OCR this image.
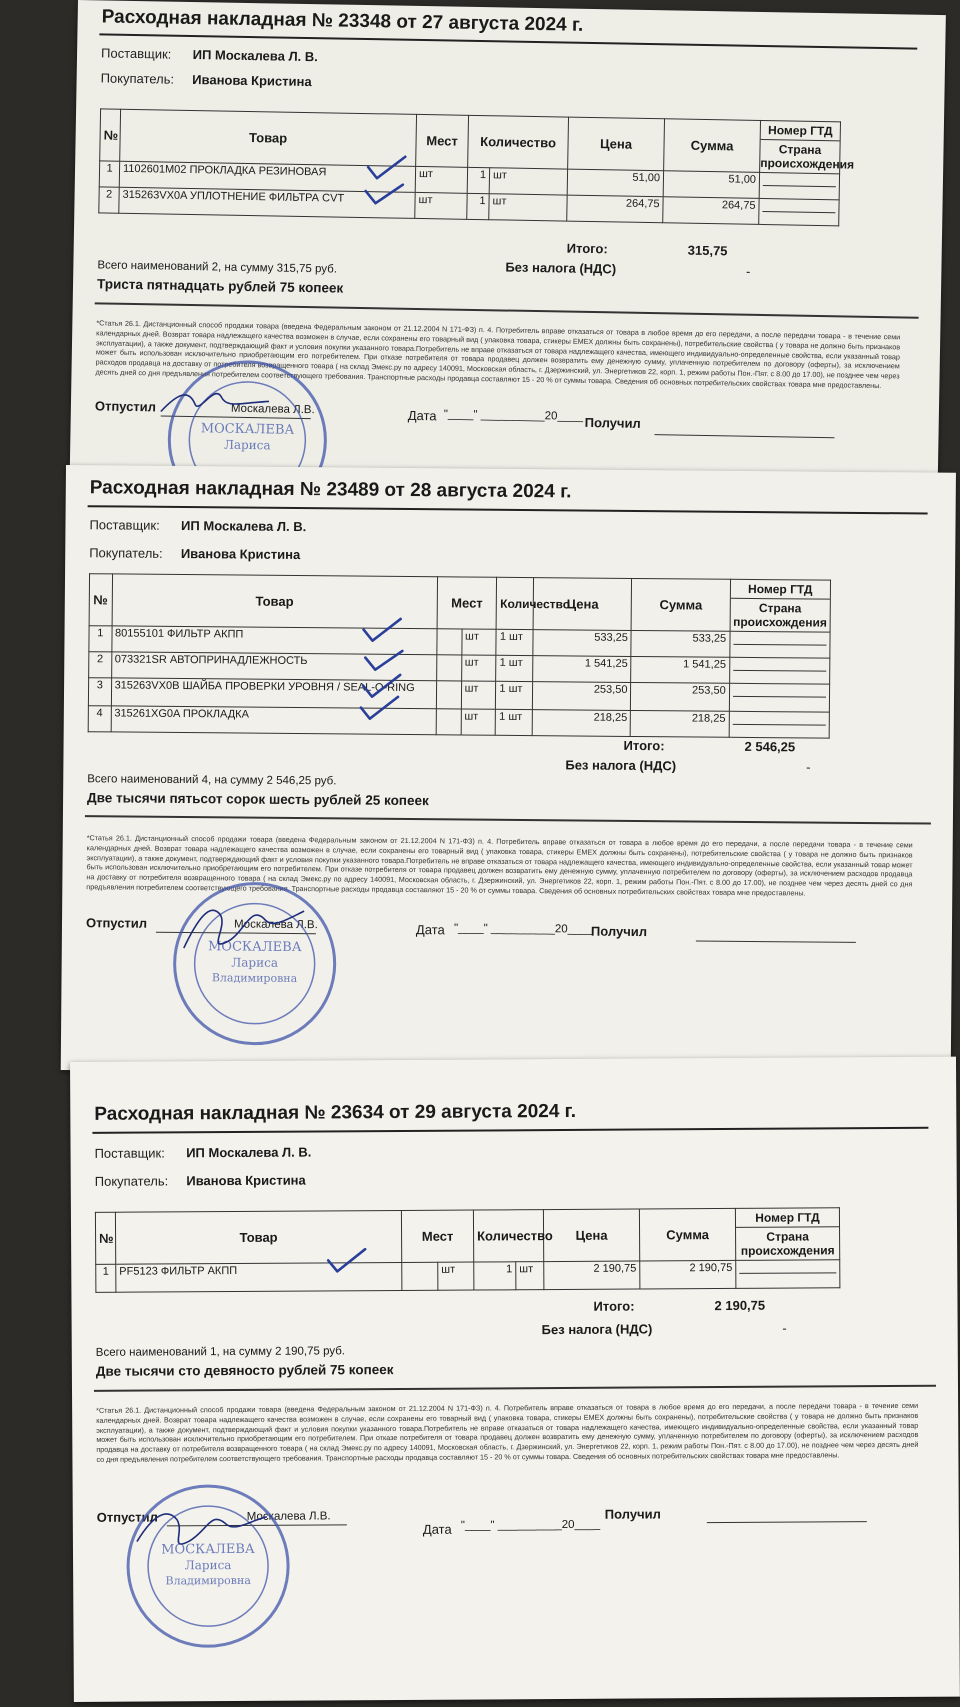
Расходная накладная № 23348 от 27 августа 2024 г.
Поставщик: ИП Москалева Л. В.
Покупатель: Иванова Кристина
№	Товар	Мест	Количество		Цена	Сумма	Номер ГТД
Страна происхождения

1	1102601M02 ПРОКЛАДКА РЕЗИНОВАЯ	шт	1	шт	51,00	51,00	

2	315263VX0A УПЛОТНЕНИЕ ФИЛЬТРА CVT	шт	1	шт	264,75	264,75	
Итого:	315,75
Без налога (НДС)	-
Всего наименований 2, на сумму 315,75 руб.
Триста пятнадцать рублей 75 копеек
*Статья 26.1. Дистанционный способ продажи товара (введена Федеральным законом от 21.12.2004 N 171-ФЗ) п. 4. Потребитель вправе отказаться от товара в любое время до его передачи, а после передачи товара - в течение семи календарных дней. Возврат товара надлежащего качества возможен в случае, если сохранены его товарный вид ( упаковка товара, стикеры EMEX должны быть сохранены), потребительские свойства ( у товара не должно быть признаков эксплуатации), а также документ, подтверждающий факт и условия покупки указанного товара.Потребитель не вправе отказаться от товара надлежащего качества, имеющего индивидуально-определенные свойства, если указанный товар может быть использован исключительно приобретающим его потребителем. При отказе потребителя от товара продавец должен возвратить ему денежную сумму, уплаченную потребителем по договору (оферты), за исключением расходов продавца на доставку от потребителя возвращенного товара ( на склад Эмекс.ру по адресу 140091, Московская область, г. Дзержинский, ул. Энергетиков 22, корп. 1, режим работы Пон.-Пят. с 8.00 до 17.00), не позднее чем через десять дней со дня предъявления потребителем соответствующего требования. Транспортные расходы продавца составляют 15 - 20 % от суммы товара. Сведения об основных потребительских свойствах товара мне предоставлены.
Отпустил	Москалева Л.В.	Дата "____" __________20____ Получил
МОСКАЛЕВА
Лариса
Расходная накладная № 23489 от 28 августа 2024 г.
Поставщик: ИП Москалева Л. В.
Покупатель: Иванова Кристина
№	Товар	Мест		Количество	Цена	Сумма	Номер ГТД
Страна происхождения

1	80155101 ФИЛЬТР АКПП		шт	1 шт	533,25	533,25	

2	073321SR АВТОПРИНАДЛЕЖНОСТЬ		шт	1 шт	1 541,25	1 541,25	

3	315263VX0B ШАЙБА ПРОВЕРКИ УРОВНЯ / SEAL-O-RING		шт	1 шт	253,50	253,50	

4	315261XG0A ПРОКЛАДКА		шт	1 шт	218,25	218,25	
Итого:	2 546,25
Без налога (НДС)	-
Всего наименований 4, на сумму 2 546,25 руб.
Две тысячи пятьсот сорок шесть рублей 25 копеек
*Статья 26.1. Дистанционный способ продажи товара (введена Федеральным законом от 21.12.2004 N 171-ФЗ) п. 4. Потребитель вправе отказаться от товара в любое время до его передачи, а после передачи товара - в течение семи календарных дней. Возврат товара надлежащего качества возможен в случае, если сохранены его товарный вид ( упаковка товара, стикеры EMEX должны быть сохранены), потребительские свойства ( у товара не должно быть признаков эксплуатации), а также документ, подтверждающий факт и условия покупки указанного товара.Потребитель не вправе отказаться от товара надлежащего качества, имеющего индивидуально-определенные свойства, если указанный товар может быть использован исключительно приобретающим его потребителем. При отказе потребителя от товара продавец должен возвратить ему денежную сумму, уплаченную потребителем по договору (оферты), за исключением расходов продавца на доставку от потребителя возвращенного товара ( на склад Эмекс.ру по адресу 140091, Московская область, г. Дзержинский, ул. Энергетиков 22, корп. 1, режим работы Пон.-Пят. с 8.00 до 17.00), не позднее чем через десять дней со дня предъявления потребителем соответствующего требования. Транспортные расходы продавца составляют 15 - 20 % от суммы товара. Сведения об основных потребительских свойствах товара мне предоставлены.
Отпустил	Москалева Л.В.	Дата "____" __________20____
Получил
МОСКАЛЕВА
Лариса
Владимировна
Расходная накладная № 23634 от 29 августа 2024 г.
Поставщик: ИП Москалева Л. В.
Покупатель: Иванова Кристина
№	Товар	Мест		Количество		Цена	Сумма	Номер ГТД
Страна происхождения

1	PF5123 ФИЛЬТР АКПП		шт	1	шт	2 190,75	2 190,75	
Итого:	2 190,75
Без налога (НДС)	-
Всего наименований 1, на сумму 2 190,75 руб.
Две тысячи сто девяносто рублей 75 копеек
*Статья 26.1. Дистанционный способ продажи товара (введена Федеральным законом от 21.12.2004 N 171-ФЗ) п. 4. Потребитель вправе отказаться от товара в любое время до его передачи, а после передачи товара - в течение семи календарных дней. Возврат товара надлежащего качества возможен в случае, если сохранены его товарный вид ( упаковка товара, стикеры EMEX должны быть сохранены), потребительские свойства ( у товара не должно быть признаков эксплуатации), а также документ, подтверждающий факт и условия покупки указанного товара.Потребитель не вправе отказаться от товара надлежащего качества, имеющего индивидуально-определенные свойства, если указанный товар может быть использован исключительно приобретающим его потребителем. При отказе потребителя от товара продавец должен возвратить ему денежную сумму, уплаченную потребителем по договору (оферты), за исключением расходов продавца на доставку от потребителя возвращенного товара ( на склад Эмекс.ру по адресу 140091, Московская область, г. Дзержинский, ул. Энергетиков 22, корп. 1, режим работы Пон.-Пят. с 8.00 до 17.00), не позднее чем через десять дней со дня предъявления потребителем соответствующего требования. Транспортные расходы продавца составляют 15 - 20 % от суммы товара. Сведения об основных потребительских свойствах товара мне предоставлены.
Отпустил	Москалева Л.В.
Дата "____" __________20____
Получил
МОСКАЛЕВА
Лариса
Владимировна
